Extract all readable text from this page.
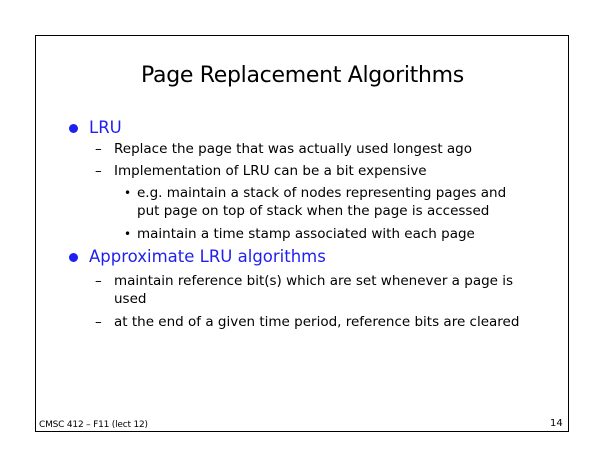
Page Replacement Algorithms
LRU
– Replace the page that was actually used longest ago
– Implementation of LRU can be a bit expensive
• e.g. maintain a stack of nodes representing pages and
put page on top of stack when the page is accessed
• maintain a time stamp associated with each page
Approximate LRU algorithms
– maintain reference bit(s) which are set whenever a page is
used
– at the end of a given time period, reference bits are cleared
CMSC 412 – F11 (lect 12)	14
